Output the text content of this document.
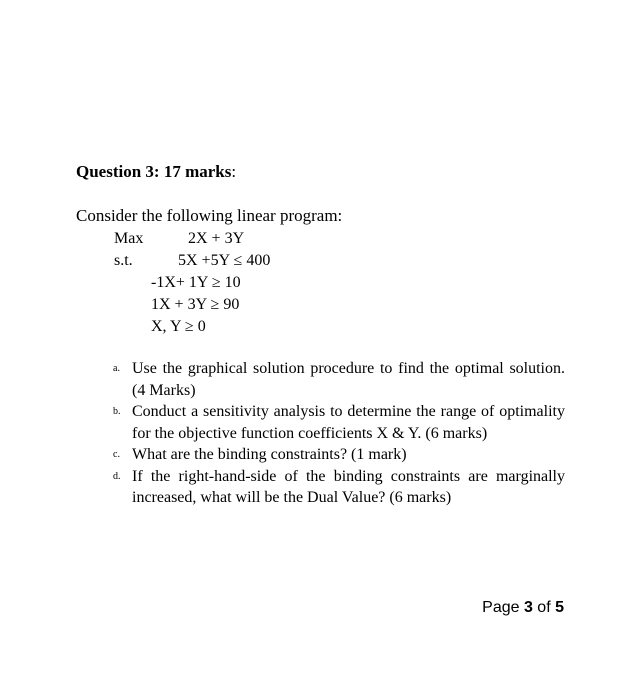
Question 3: 17 marks:
Consider the following linear program:
Max	2X + 3Y
s.t.	5X +5Y ≤ 400
-1X+ 1Y ≥ 10
1X + 3Y ≥ 90
X, Y ≥ 0
a. Use the graphical solution procedure to find the optimal solution. (4 Marks)
b. Conduct a sensitivity analysis to determine the range of optimality for the objective function coefficients X & Y. (6 marks)
c. What are the binding constraints? (1 mark)
d. If the right-hand-side of the binding constraints are marginally increased, what will be the Dual Value? (6 marks)
Page 3 of 5
